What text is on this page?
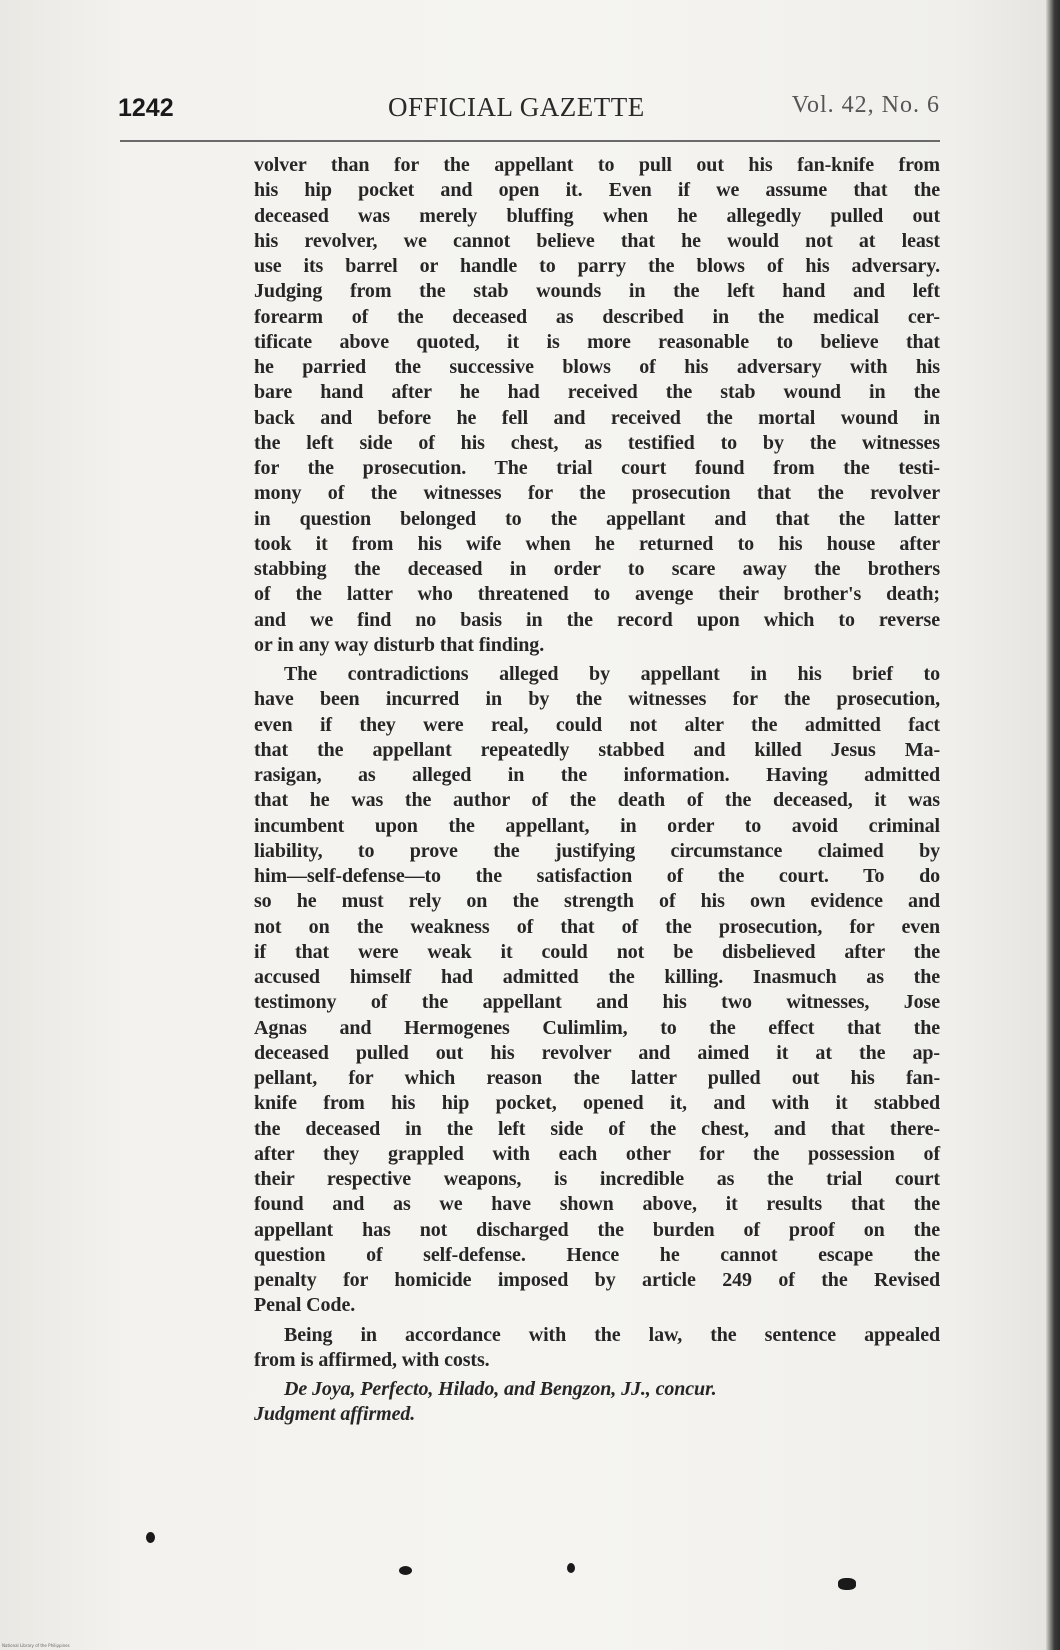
1242	OFFICIAL GAZETTE	Vol. 42, No. 6
volver than for the appellant to pull out his fan-knife from
his hip pocket and open it. Even if we assume that the
deceased was merely bluffing when he allegedly pulled out
his revolver, we cannot believe that he would not at least
use its barrel or handle to parry the blows of his adversary.
Judging from the stab wounds in the left hand and left
forearm of the deceased as described in the medical cer-
tificate above quoted, it is more reasonable to believe that
he parried the successive blows of his adversary with his
bare hand after he had received the stab wound in the
back and before he fell and received the mortal wound in
the left side of his chest, as testified to by the witnesses
for the prosecution. The trial court found from the testi-
mony of the witnesses for the prosecution that the revolver
in question belonged to the appellant and that the latter
took it from his wife when he returned to his house after
stabbing the deceased in order to scare away the brothers
of the latter who threatened to avenge their brother's death;
and we find no basis in the record upon which to reverse
or in any way disturb that finding.
The contradictions alleged by appellant in his brief to
have been incurred in by the witnesses for the prosecution,
even if they were real, could not alter the admitted fact
that the appellant repeatedly stabbed and killed Jesus Ma-
rasigan, as alleged in the information. Having admitted
that he was the author of the death of the deceased, it was
incumbent upon the appellant, in order to avoid criminal
liability, to prove the justifying circumstance claimed by
him—self-defense—to the satisfaction of the court. To do
so he must rely on the strength of his own evidence and
not on the weakness of that of the prosecution, for even
if that were weak it could not be disbelieved after the
accused himself had admitted the killing. Inasmuch as the
testimony of the appellant and his two witnesses, Jose
Agnas and Hermogenes Culimlim, to the effect that the
deceased pulled out his revolver and aimed it at the ap-
pellant, for which reason the latter pulled out his fan-
knife from his hip pocket, opened it, and with it stabbed
the deceased in the left side of the chest, and that there-
after they grappled with each other for the possession of
their respective weapons, is incredible as the trial court
found and as we have shown above, it results that the
appellant has not discharged the burden of proof on the
question of self-defense. Hence he cannot escape the
penalty for homicide imposed by article 249 of the Revised
Penal Code.
Being in accordance with the law, the sentence appealed
from is affirmed, with costs.
De Joya, Perfecto, Hilado, and Bengzon, JJ., concur.
Judgment affirmed.
National Library of the Philippines
